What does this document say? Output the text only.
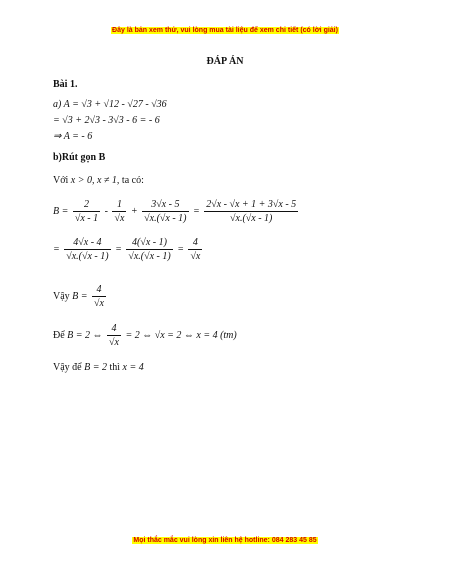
Đây là bản xem thử, vui lòng mua tài liệu để xem chi tiết (có lời giải)
ĐÁP ÁN
Bài 1.
a) A = √3 + √12 - √27 - √36
= √3 + 2√3 - 3√3 - 6 = - 6
⇒ A = - 6
b)Rút gọn B
Với x > 0, x ≠ 1, ta có:
$B = \frac{2}{√x - 1} - \frac{1}{√x} + \frac{3√x - 5}{√x.(√x - 1)} = \frac{2√x - √x + 1 + 3√x - 5}{√x.(√x - 1)}$
= $\frac{4√x - 4}{√x.(√x - 1)} = \frac{4(√x - 1)}{√x.(√x - 1)} = \frac{4}{√x}$
Vậy $B = \frac{4}{√x}$
Để B = 2 ⇔ $\frac{4}{√x} = 2$ ⇔ √x = 2 ⇔ x = 4 (tm)
Vậy để B = 2 thì x = 4
Mọi thắc mắc vui lòng xin liên hệ hotline: 084 283 45 85
